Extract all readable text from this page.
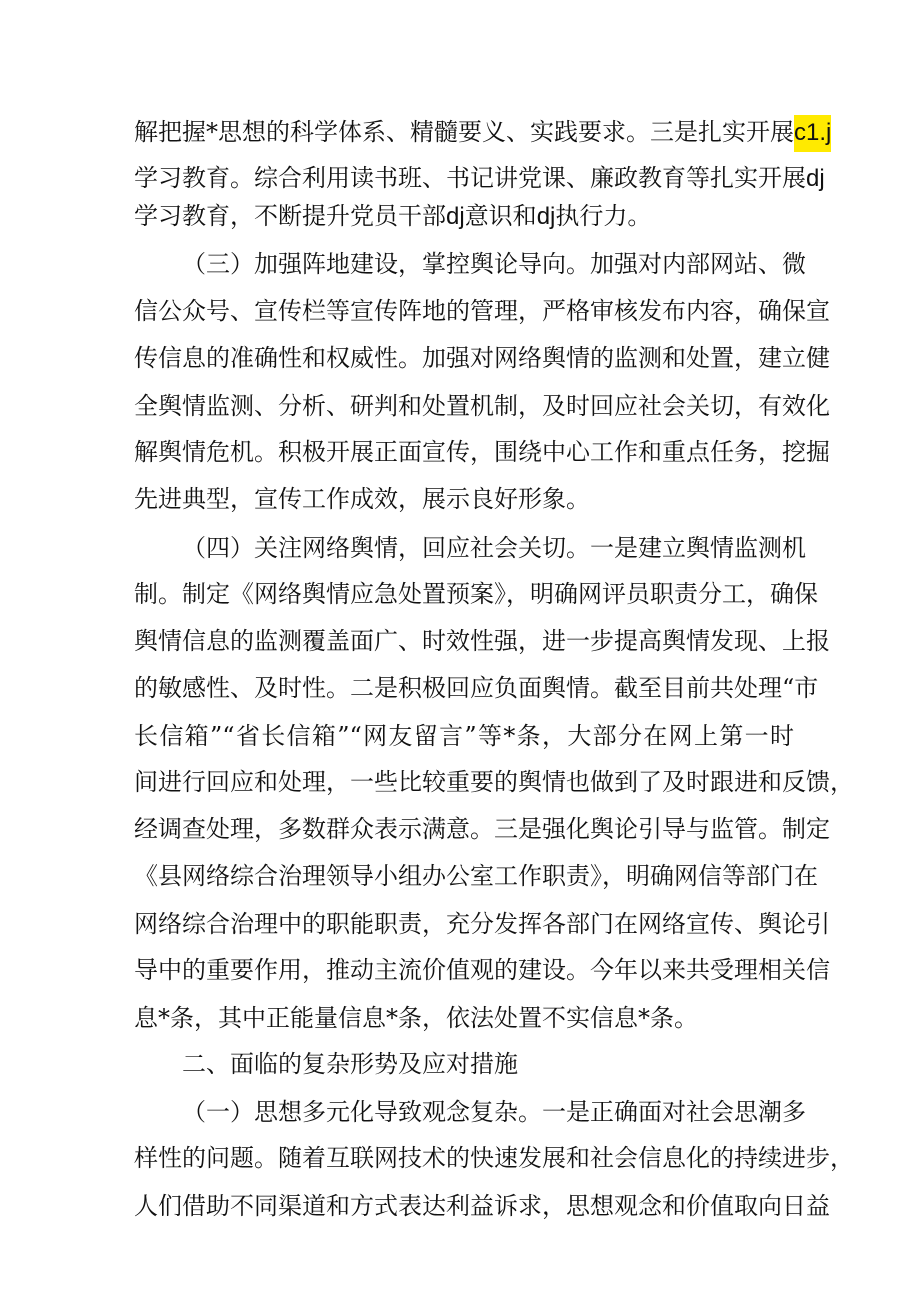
解把握*思想的科学体系、精髓要义、实践要求。三是扎实开展c1.j
学习教育。综合利用读书班、书记讲党课、廉政教育等扎实开展dj
学习教育，不断提升党员干部dj意识和dj执行力。
（三）加强阵地建设，掌控舆论导向。加强对内部网站、微
信公众号、宣传栏等宣传阵地的管理，严格审核发布内容，确保宣
传信息的准确性和权威性。加强对网络舆情的监测和处置，建立健
全舆情监测、分析、研判和处置机制，及时回应社会关切，有效化
解舆情危机。积极开展正面宣传，围绕中心工作和重点任务，挖掘
先进典型，宣传工作成效，展示良好形象。
（四）关注网络舆情，回应社会关切。一是建立舆情监测机
制。制定《网络舆情应急处置预案》，明确网评员职责分工，确保
舆情信息的监测覆盖面广、时效性强，进一步提高舆情发现、上报
的敏感性、及时性。二是积极回应负面舆情。截至目前共处理“市
长信箱”“省长信箱”“网友留言”等*条，大部分在网上第一时
间进行回应和处理，一些比较重要的舆情也做到了及时跟进和反馈，
经调查处理，多数群众表示满意。三是强化舆论引导与监管。制定
《县网络综合治理领导小组办公室工作职责》，明确网信等部门在
网络综合治理中的职能职责，充分发挥各部门在网络宣传、舆论引
导中的重要作用，推动主流价值观的建设。今年以来共受理相关信
息*条，其中正能量信息*条，依法处置不实信息*条。
二、面临的复杂形势及应对措施
（一）思想多元化导致观念复杂。一是正确面对社会思潮多
样性的问题。随着互联网技术的快速发展和社会信息化的持续进步，
人们借助不同渠道和方式表达利益诉求，思想观念和价值取向日益
